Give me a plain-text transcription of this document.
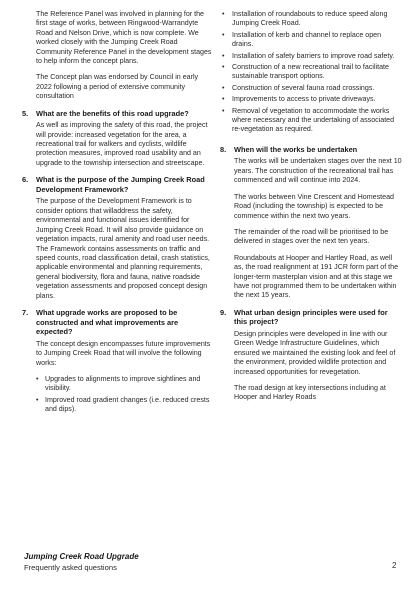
The Reference Panel was involved in planning for the first stage of works, between Ringwood-Warrandyte Road and Nelson Drive, which is now complete. We worked closely with the Jumping Creek Road Community Reference Panel in the development stages to help inform the concept plans.

The Concept plan was endorsed by Council in early 2022 following a period of extensive community consultation

5. What are the benefits of this road upgrade?

As well as improving the safety of this road, the project will provide: increased vegetation for the area, a recreational trail for walkers and cyclists, wildlife protection measures, improved road usability and an upgrade to the township intersection and streetscape.

6. What is the purpose of the Jumping Creek Road Development Framework?

The purpose of the Development Framework is to consider options that willaddress the safety, environmental and functional issues identified for Jumping Creek Road. It will also provide guidance on vegetation impacts, rural amenity and road user needs.

The Framework contains assessments on traffic and speed counts, road classification detail, crash statistics, applicable environmental and planning requirements, general biodiversity, flora and fauna, native roadside vegetation assessments and proposed concept design plans.

7. What upgrade works are proposed to be constructed and what improvements are expected?

The concept design encompasses future improvements to Jumping Creek Road that will involve the following works:

• Upgrades to alignments to improve sightlines and visibility.
• Improved road gradient changes (i.e. reduced crests and dips).
• Installation of roundabouts to reduce speed along Jumping Creek Road.
• Installation of kerb and channel to replace open drains.
• Installation of safety barriers to improve road safety.
• Construction of a new recreational trail to facilitate sustainable transport options.
• Construction of several fauna road crossings.
• Improvements to access to private driveways.
• Removal of vegetation to accommodate the works where necessary and the undertaking of associated re-vegetation as required.
8. When will the works be undertaken

The works will be undertaken stages over the next 10 years. The construction of the recreational trail has commenced and will continue into 2024.

The works between Vine Crescent and Homestead Road (including the township) is expected to be commence within the next two years.

The remainder of the road will be prioritised to be delivered in stages over the next ten years.

Roundabouts at Hooper and Hartley Road, as well as, the road realignment at 191 JCR form part of the longer-term masterplan vision and at this stage we have not programmed them to be undertaken within the next 15 years.

9. What urban design principles were used for this project?

Design principles were developed in line with our Green Wedge Infrastructure Guidelines, which ensured we maintained the existing look and feel of the environment, provided wildlife protection and increased opportunities for revegetation.

The road design at key intersections including at Hooper and Harley Roads

Jumping Creek Road Upgrade
Frequently asked questions	2
